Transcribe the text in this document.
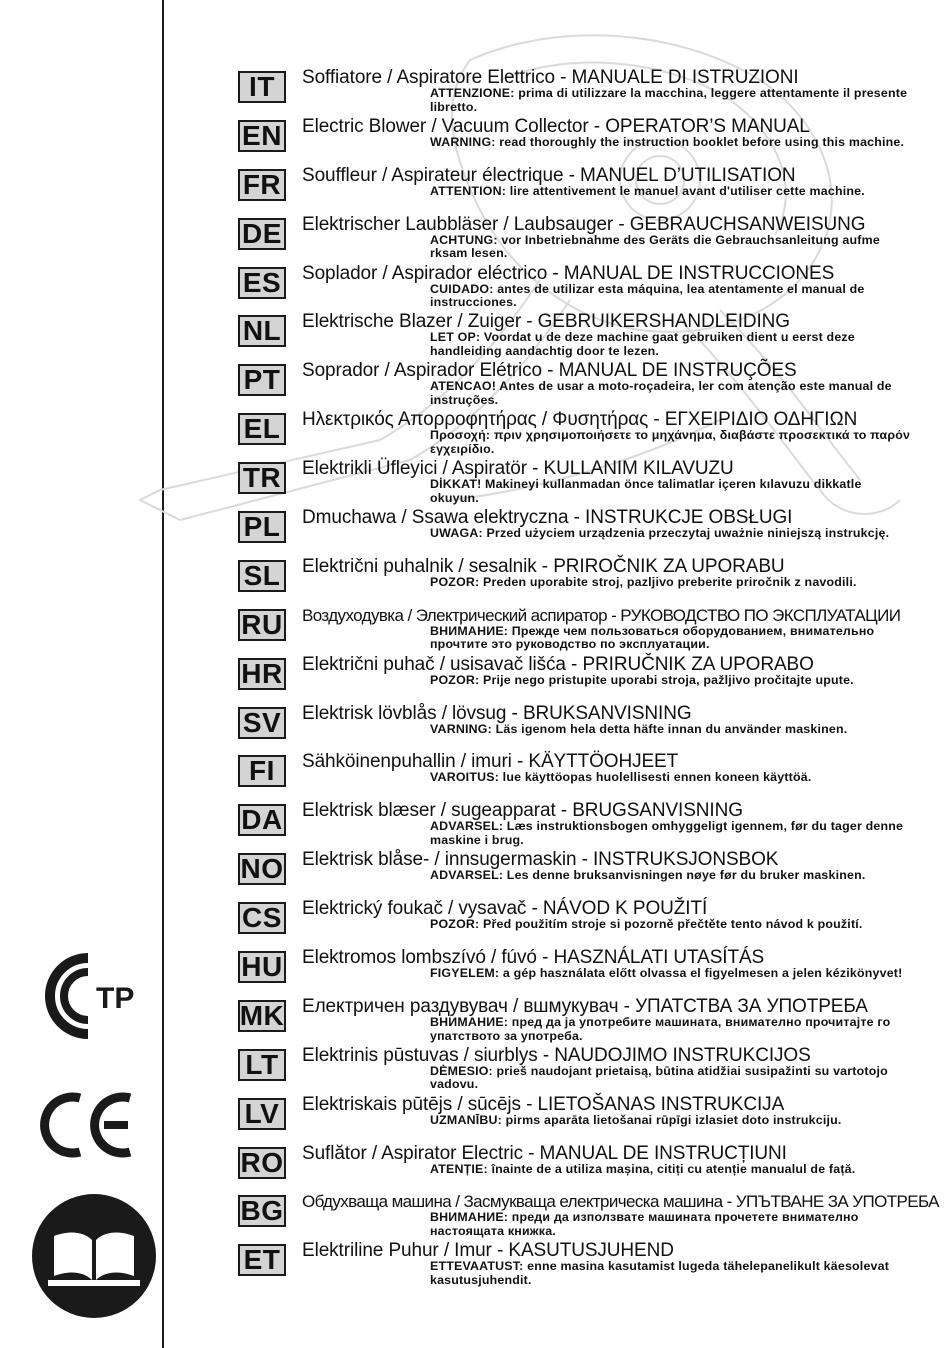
IT	Soffiatore / Aspiratore Elettrico - MANUALE DI ISTRUZIONI
ATTENZIONE: prima di utilizzare la macchina, leggere attentamente il presente libretto.
EN Electric Blower / Vacuum Collector - OPERATOR’S MANUAL
WARNING: read thoroughly the instruction booklet before using this machine.
FR Souffleur / Aspirateur électrique - MANUEL D’UTILISATION
ATTENTION: lire attentivement le manuel avant d'utiliser cette machine.
DE Elektrischer Laubbläser / Laubsauger - GEBRAUCHSANWEISUNG
ACHTUNG: vor Inbetriebnahme des Geräts die Gebrauchsanleitung aufme rksam lesen.
ES Soplador / Aspirador eléctrico - MANUAL DE INSTRUCCIONES
CUIDADO: antes de utilizar esta máquina, lea atentamente el manual de instrucciones.
NL Elektrische Blazer / Zuiger - GEBRUIKERSHANDLEIDING
LET OP: Voordat u de deze machine gaat gebruiken dient u eerst deze handleiding aandachtig door te lezen.
PT Soprador / Aspirador Elétrico - MANUAL DE INSTRUÇÕES
ATENCAO! Antes de usar a moto-roçadeira, ler com atenção este manual de instruções.
EL Ηλεκτρικός Απορροφητήρας / Φυσητήρας - ΕΓΧΕΙΡΙΔΙΟ ΟΔΗΓΙΩΝ
Προσοχή: πριν χρησιμοποιήσετε το μηχάνημα, διαβάστε προσεκτικά το παρόν εγχειρίδιο.
TR Elektrikli Üfleyici / Aspiratör - KULLANIM KILAVUZU
DİKKAT! Makineyi kullanmadan önce talimatlar içeren kılavuzu dikkatle okuyun.
PL Dmuchawa / Ssawa elektryczna - INSTRUKCJE OBSŁUGI
UWAGA: Przed użyciem urządzenia przeczytaj uważnie niniejszą instrukcję.
SL Električni puhalnik / sesalnik - PRIROČNIK ZA UPORABU
POZOR: Preden uporabite stroj, pazljivo preberite priročnik z navodili.
RU Воздуходувка / Электрический аспиратор - РУКОВОДСТВО ПО ЭКСПЛУАТАЦИИ
ВНИМАНИЕ: Прежде чем пользоваться оборудованием, внимательно прочтите это руководство по эксплуатации.
HR Električni puhač / usisavač lišća - PRIRUČNIK ZA UPORABO
POZOR: Prije nego pristupite uporabi stroja, pažljivo pročitajte upute.
SV Elektrisk lövblås / lövsug - BRUKSANVISNING
VARNING: Läs igenom hela detta häfte innan du använder maskinen.
FI	Sähköinenpuhallin / imuri - KÄYTTÖOHJEET
VAROITUS: lue käyttöopas huolellisesti ennen koneen käyttöä.
DA Elektrisk blæser / sugeapparat - BRUGSANVISNING
ADVARSEL: Læs instruktionsbogen omhyggeligt igennem, før du tager denne maskine i brug.
NO Elektrisk blåse- / innsugermaskin - INSTRUKSJONSBOK
ADVARSEL: Les denne bruksanvisningen nøye før du bruker maskinen.
CS Elektrický foukač / vysavač - NÁVOD K POUŽITÍ
POZOR: Před použitím stroje si pozorně přečtěte tento návod k použití.
HU Elektromos lombszívó / fúvó - HASZNÁLATI UTASÍTÁS
FIGYELEM: a gép használata előtt olvassa el figyelmesen a jelen kézikönyvet!
MK Електричен раздувувач / вшмукувач - УПАТСТВА ЗА УПОТРЕБА
ВНИМАНИЕ: пред да ја употребите машината, внимателно прочитајте го упатството за употреба.
LT	Elektrinis pūstuvas / siurblys - NAUDOJIMO INSTRUKCIJOS
DĖMESIO: prieš naudojant prietaisą, būtina atidžiai susipažinti su vartotojo vadovu.
LV	Elektriskais pūtējs / sūcējs - LIETOŠANAS INSTRUKCIJA
UZMANĪBU: pirms aparāta lietošanai rūpīgi izlasiet doto instrukciju.
RO Suflător / Aspirator Electric - MANUAL DE INSTRUCȚIUNI
ATENȚIE: înainte de a utiliza mașina, citiți cu atenție manualul de față.
BG Обдухваща машина / Засмукваща електрическа машина - УПЪТВАНЕ ЗА УПОТРЕБА
ВНИМАНИЕ: преди да използвате машината прочетете внимателно настоящата книжка.
ET Elektriline Puhur / Imur - KASUTUSJUHEND
ETTEVAATUST: enne masina kasutamist lugeda tähelepanelikult käesolevat kasutusjuhendit.
ТР
